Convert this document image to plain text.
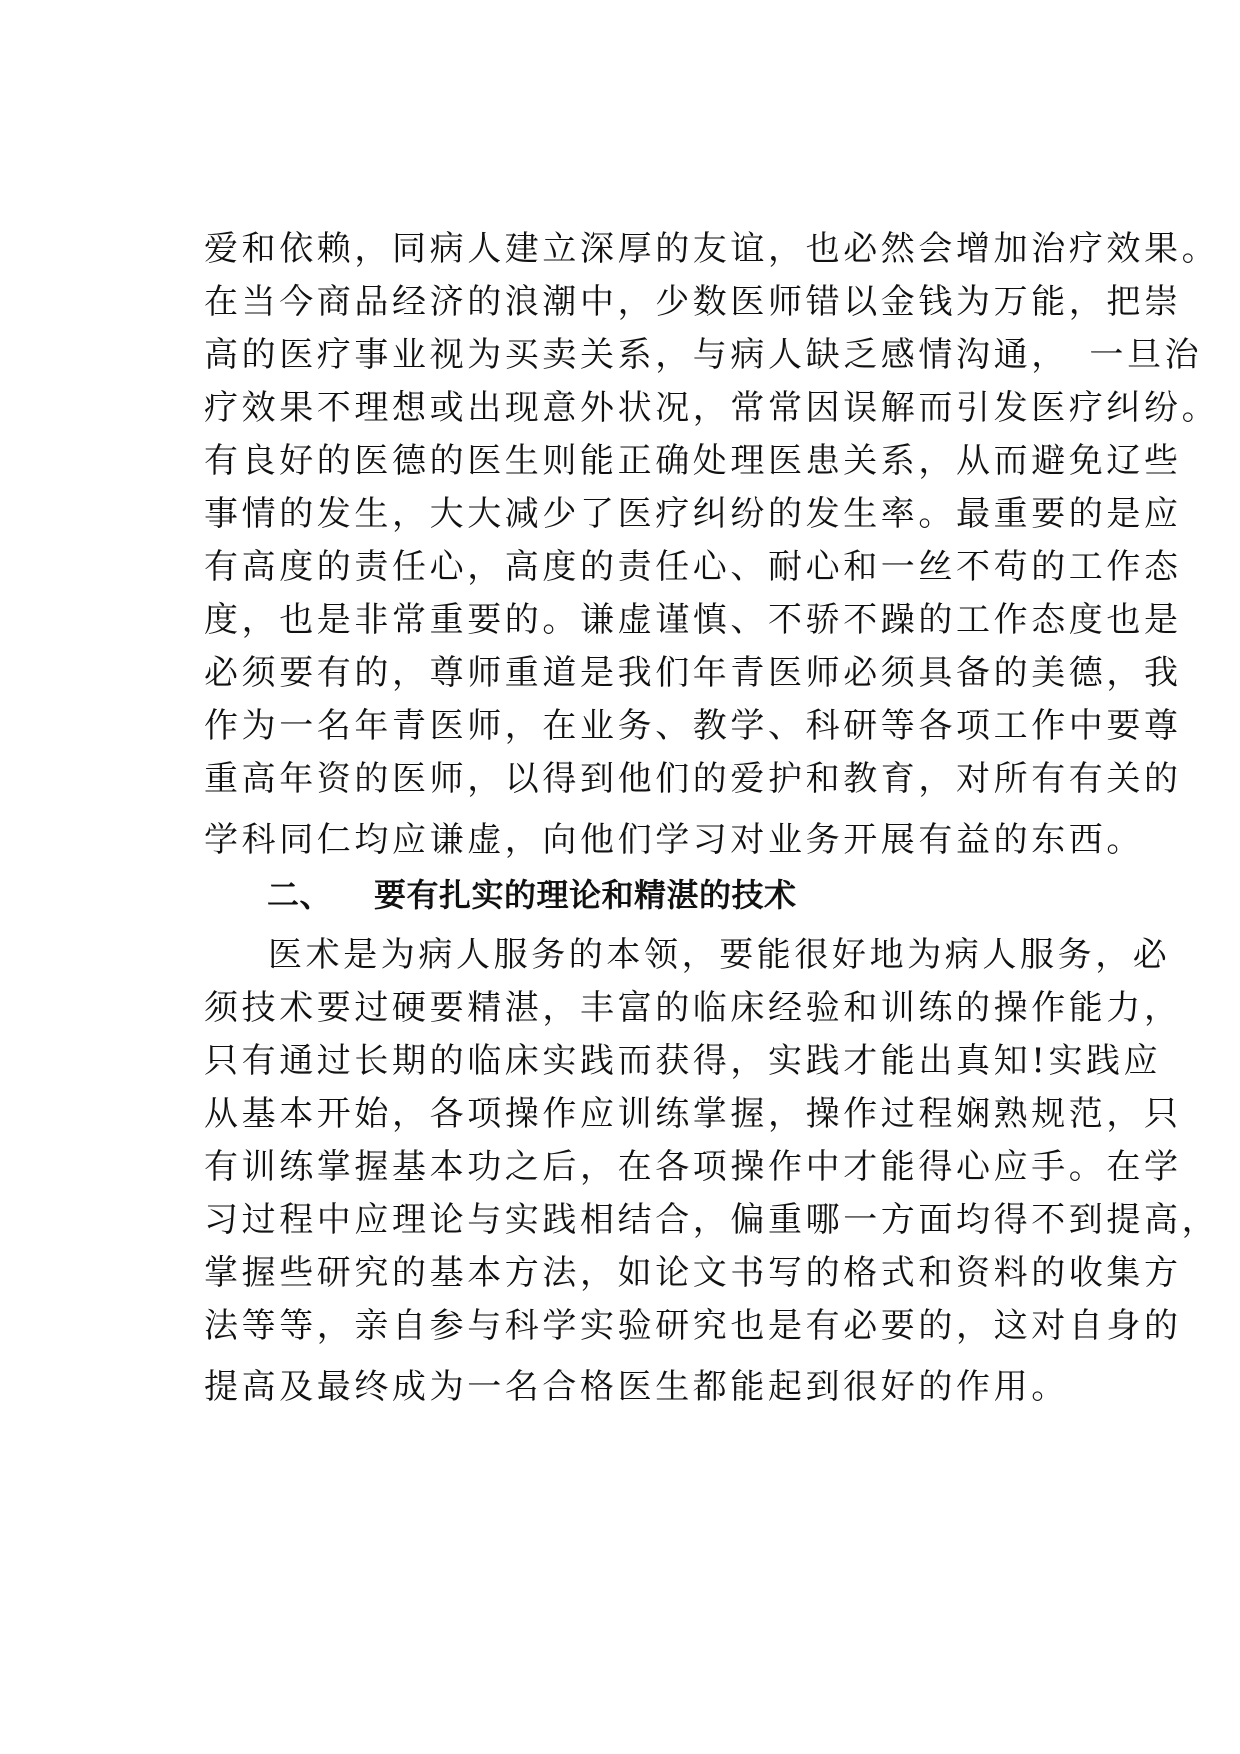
爱和依赖，同病人建立深厚的友谊，也必然会增加治疗效果。
在当今商品经济的浪潮中，少数医师错以金钱为万能，把崇
高的医疗事业视为买卖关系，与病人缺乏感情沟通，　一旦治
疗效果不理想或出现意外状况，常常因误解而引发医疗纠纷。
有良好的医德的医生则能正确处理医患关系，从而避免辽些
事情的发生，大大减少了医疗纠纷的发生率。最重要的是应
有高度的责任心，高度的责任心、耐心和一丝不苟的工作态
度，也是非常重要的。谦虚谨慎、不骄不躁的工作态度也是
必须要有的，尊师重道是我们年青医师必须具备的美德，我
作为一名年青医师，在业务、教学、科研等各项工作中要尊
重高年资的医师，以得到他们的爱护和教育，对所有有关的
学科同仁均应谦虚，向他们学习对业务开展有益的东西。
二、 要有扎实的理论和精湛的技术
医术是为病人服务的本领，要能很好地为病人服务，必
须技术要过硬要精湛，丰富的临床经验和训练的操作能力，
只有通过长期的临床实践而获得，实践才能出真知!实践应
从基本开始，各项操作应训练掌握，操作过程娴熟规范，只
有训练掌握基本功之后，在各项操作中才能得心应手。在学
习过程中应理论与实践相结合，偏重哪一方面均得不到提高，
掌握些研究的基本方法，如论文书写的格式和资料的收集方
法等等，亲自参与科学实验研究也是有必要的，这对自身的
提高及最终成为一名合格医生都能起到很好的作用。
